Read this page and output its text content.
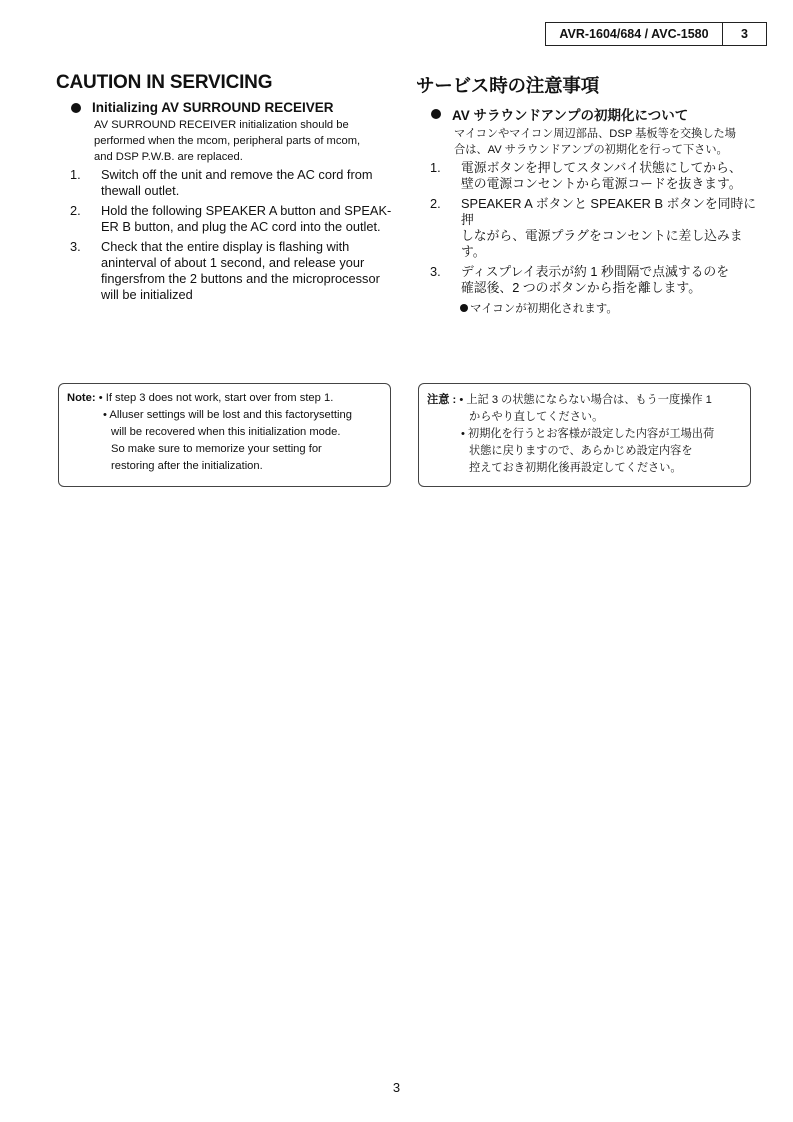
AVR-1604/684 / AVC-1580	3
CAUTION IN SERVICING
Initializing AV SURROUND RECEIVER
AV SURROUND RECEIVER initialization should be
performed when the mcom, peripheral parts of mcom,
and DSP P.W.B. are replaced.
1.	Switch off the unit and remove the AC cord from
thewall outlet.
2.	Hold the following SPEAKER A button and SPEAK-
ER B button, and plug the AC cord into the outlet.
3.	Check that the entire display is flashing with
aninterval of about 1 second, and release your
fingersfrom the 2 buttons and the microprocessor
will be initialized
サービス時の注意事項
AV サラウンドアンプの初期化について
マイコンやマイコン周辺部品、DSP 基板等を交換した場
合は、AV サラウンドアンプの初期化を行って下さい。
1.	電源ボタンを押してスタンバイ状態にしてから、
壁の電源コンセントから電源コードを抜きます。
2.	SPEAKER A ボタンと SPEAKER B ボタンを同時に押
しながら、電源プラグをコンセントに差し込みま
す。
3.	ディスプレイ表示が約 1 秒間隔で点滅するのを
確認後、2 つのボタンから指を離します。
マイコンが初期化されます。
Note: • If step 3 does not work, start over from step 1.
• Alluser settings will be lost and this factorysetting
will be recovered when this initialization mode.
So make sure to memorize your setting for
restoring after the initialization.
注意 : • 上記 3 の状態にならない場合は、もう一度操作 1
からやり直してください。
• 初期化を行うとお客様が設定した内容が工場出荷
状態に戻りますので、あらかじめ設定内容を
控えておき初期化後再設定してください。
3
